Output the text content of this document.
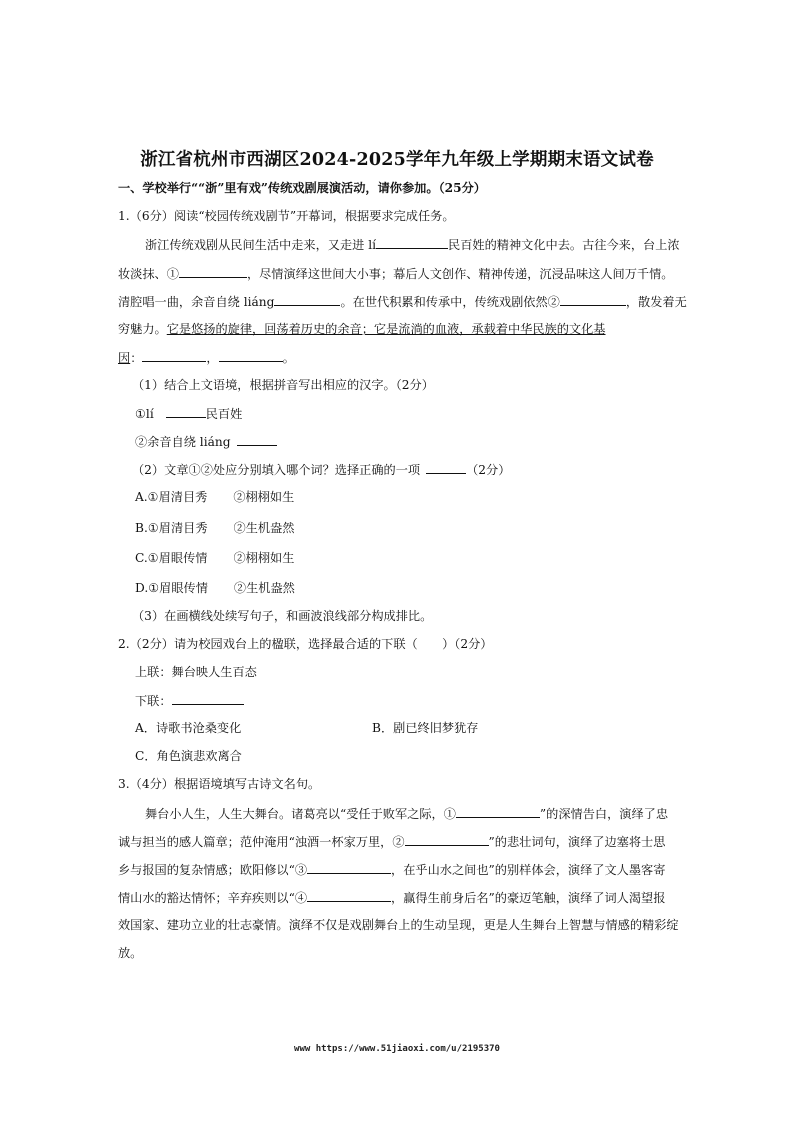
浙江省杭州市西湖区2024-2025学年九年级上学期期末语文试卷
一、学校举行““浙”里有戏”传统戏剧展演活动，请你参加。（25分）
1.（6分）阅读“校园传统戏剧节”开幕词，根据要求完成任务。
浙江传统戏剧从民间生活中走来，又走进 lí	民百姓的精神文化中去。古往今来，台上浓
妆淡抹、①	，尽情演绎这世间大小事；幕后人文创作、精神传递，沉浸品味这人间万千情。
清腔唱一曲，余音自绕 liáng	。在世代积累和传承中，传统戏剧依然②	，散发着无
穷魅力。它是悠扬的旋律，回荡着历史的余音；它是流淌的血液，承载着中华民族的文化基
因：	，	。
（1）结合上文语境，根据拼音写出相应的汉字。（2分）
①lí	民百姓
②余音自绕 liáng
（2）文章①②处应分别填入哪个词？选择正确的一项	（2分）
A.①眉清目秀 ②栩栩如生
B.①眉清目秀 ②生机盎然
C.①眉眼传情 ②栩栩如生
D.①眉眼传情 ②生机盎然
（3）在画横线处续写句子，和画波浪线部分构成排比。
2.（2分）请为校园戏台上的楹联，选择最合适的下联（　　）（2分）
上联：舞台映人生百态
下联：
A．诗歌书沧桑变化	B．剧已终旧梦犹存
C．角色演悲欢离合
3.（4分）根据语境填写古诗文名句。
舞台小人生，人生大舞台。诸葛亮以“受任于败军之际，①	”的深情告白，演绎了忠
诚与担当的感人篇章；范仲淹用“浊酒一杯家万里，②	”的悲壮词句，演绎了边塞将士思
乡与报国的复杂情感；欧阳修以“③	，在乎山水之间也”的别样体会，演绎了文人墨客寄
情山水的豁达情怀；辛弃疾则以“④	，赢得生前身后名”的豪迈笔触，演绎了词人渴望报
效国家、建功立业的壮志豪情。演绎不仅是戏剧舞台上的生动呈现，更是人生舞台上智慧与情感的精彩绽
放。
www https://www.51jiaoxi.com/u/2195370
